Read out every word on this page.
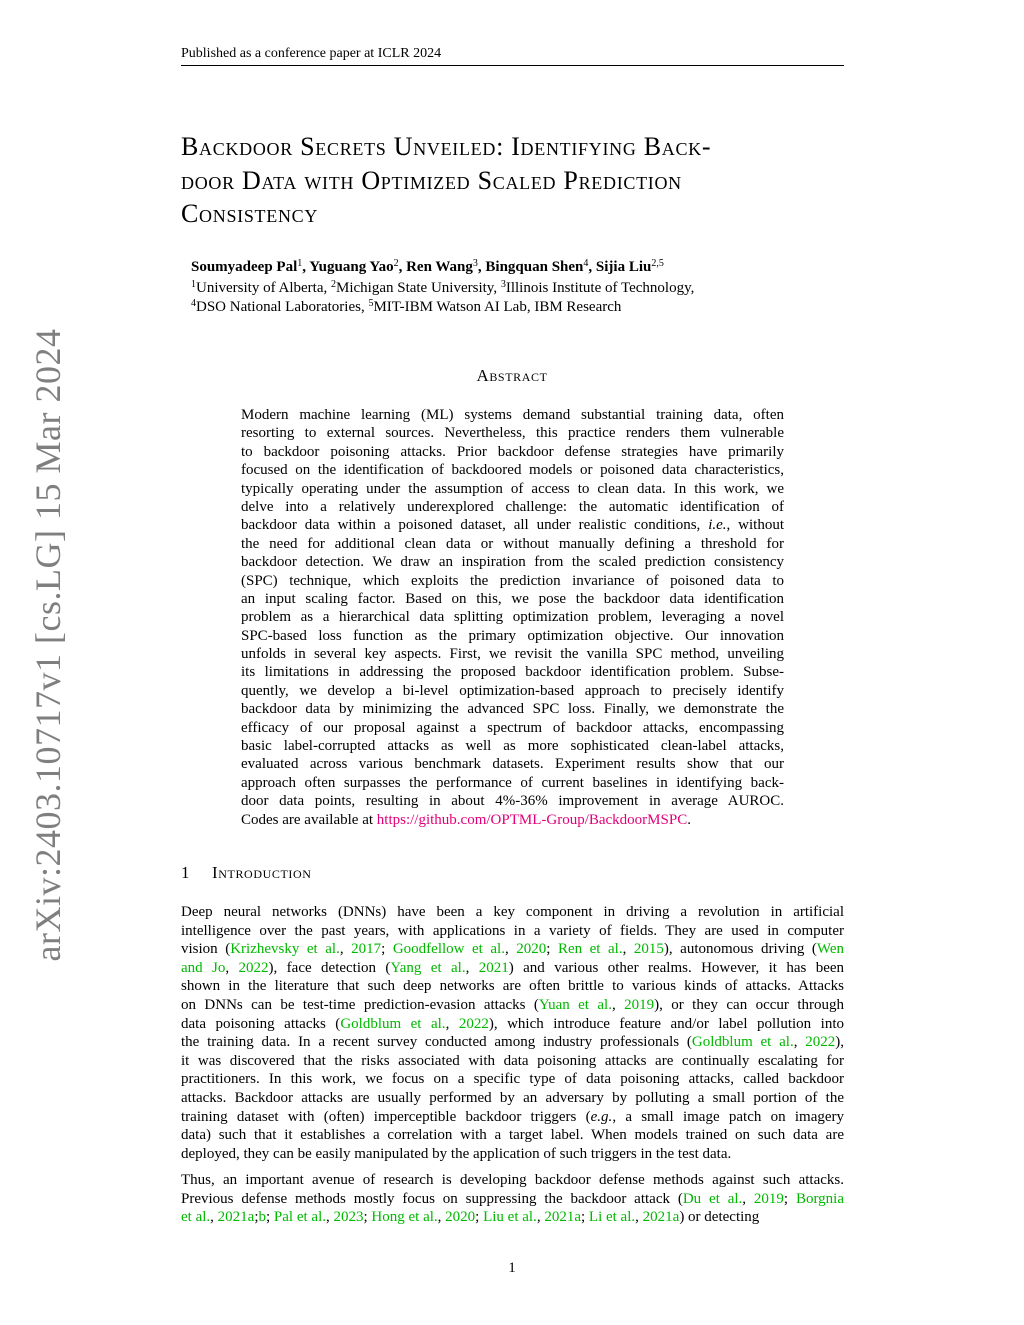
Published as a conference paper at ICLR 2024
arXiv:2403.10717v1 [cs.LG] 15 Mar 2024
Backdoor Secrets Unveiled: Identifying Back-
door Data with Optimized Scaled Prediction
Consistency
Soumyadeep Pal$^1$, Yuguang Yao$^2$, Ren Wang$^3$, Bingquan Shen$^4$, Sijia Liu$^{2,5}$
$^1$University of Alberta, $^2$Michigan State University, $^3$Illinois Institute of Technology,
$^4$DSO National Laboratories, $^5$MIT-IBM Watson AI Lab, IBM Research
Abstract
Modern machine learning (ML) systems demand substantial training data, often
resorting to external sources. Nevertheless, this practice renders them vulnerable
to backdoor poisoning attacks. Prior backdoor defense strategies have primarily
focused on the identification of backdoored models or poisoned data characteristics,
typically operating under the assumption of access to clean data. In this work, we
delve into a relatively underexplored challenge: the automatic identification of
backdoor data within a poisoned dataset, all under realistic conditions, i.e., without
the need for additional clean data or without manually defining a threshold for
backdoor detection. We draw an inspiration from the scaled prediction consistency
(SPC) technique, which exploits the prediction invariance of poisoned data to
an input scaling factor. Based on this, we pose the backdoor data identification
problem as a hierarchical data splitting optimization problem, leveraging a novel
SPC-based loss function as the primary optimization objective. Our innovation
unfolds in several key aspects. First, we revisit the vanilla SPC method, unveiling
its limitations in addressing the proposed backdoor identification problem. Subse-
quently, we develop a bi-level optimization-based approach to precisely identify
backdoor data by minimizing the advanced SPC loss. Finally, we demonstrate the
efficacy of our proposal against a spectrum of backdoor attacks, encompassing
basic label-corrupted attacks as well as more sophisticated clean-label attacks,
evaluated across various benchmark datasets. Experiment results show that our
approach often surpasses the performance of current baselines in identifying back-
door data points, resulting in about 4%-36% improvement in average AUROC.
Codes are available at https://github.com/OPTML-Group/BackdoorMSPC.
1 Introduction
Deep neural networks (DNNs) have been a key component in driving a revolution in artificial
intelligence over the past years, with applications in a variety of fields. They are used in computer
vision (Krizhevsky et al., 2017; Goodfellow et al., 2020; Ren et al., 2015), autonomous driving (Wen
and Jo, 2022), face detection (Yang et al., 2021) and various other realms. However, it has been
shown in the literature that such deep networks are often brittle to various kinds of attacks. Attacks
on DNNs can be test-time prediction-evasion attacks (Yuan et al., 2019), or they can occur through
data poisoning attacks (Goldblum et al., 2022), which introduce feature and/or label pollution into
the training data. In a recent survey conducted among industry professionals (Goldblum et al., 2022),
it was discovered that the risks associated with data poisoning attacks are continually escalating for
practitioners. In this work, we focus on a specific type of data poisoning attacks, called backdoor
attacks. Backdoor attacks are usually performed by an adversary by polluting a small portion of the
training dataset with (often) imperceptible backdoor triggers (e.g., a small image patch on imagery
data) such that it establishes a correlation with a target label. When models trained on such data are
deployed, they can be easily manipulated by the application of such triggers in the test data.
Thus, an important avenue of research is developing backdoor defense methods against such attacks.
Previous defense methods mostly focus on suppressing the backdoor attack (Du et al., 2019; Borgnia
et al., 2021a;b; Pal et al., 2023; Hong et al., 2020; Liu et al., 2021a; Li et al., 2021a) or detecting
1
